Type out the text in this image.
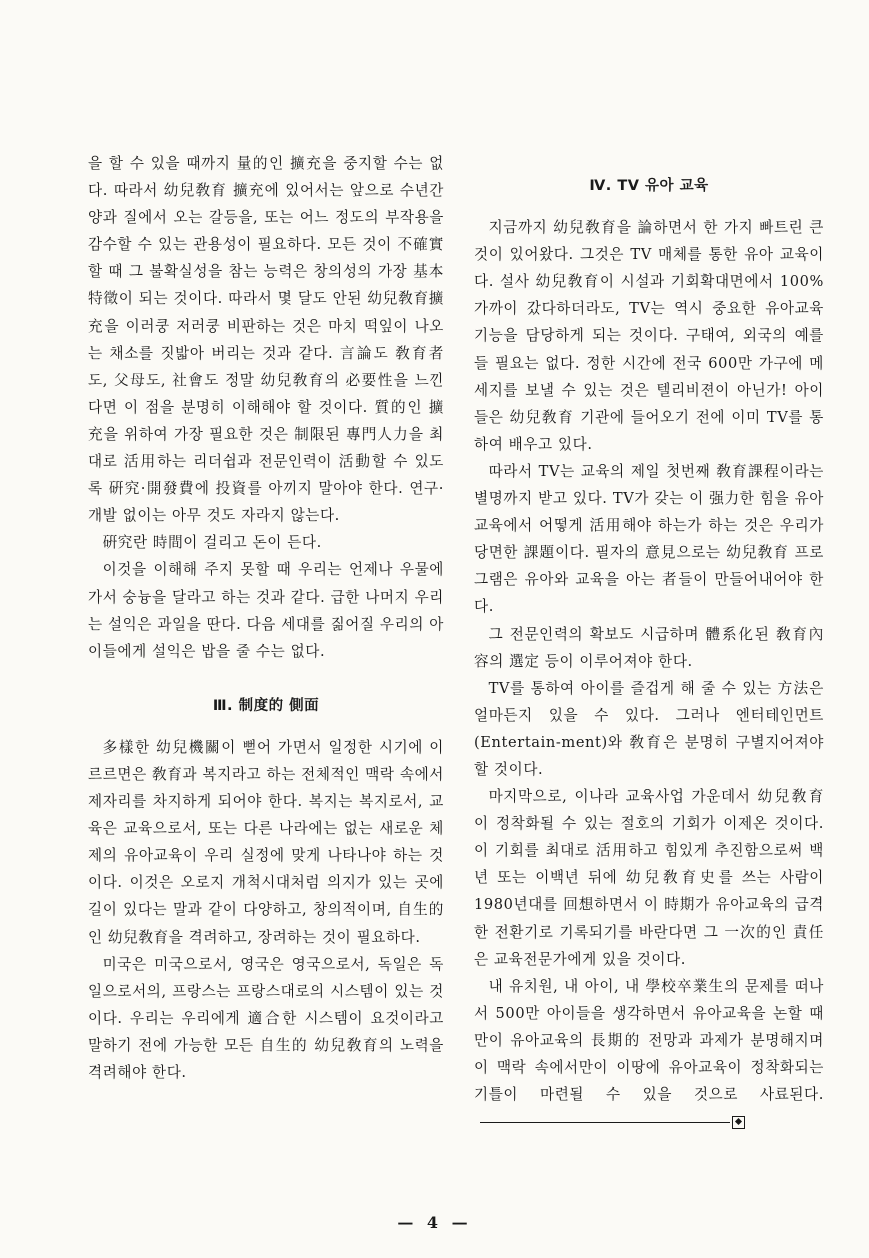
을 할 수 있을 때까지 量的인 擴充을 중지할 수는 없다. 따라서 幼兒敎育 擴充에 있어서는 앞으로 수년간 양과 질에서 오는 갈등을, 또는 어느 정도의 부작용을 감수할 수 있는 관용성이 필요하다. 모든 것이 不確實할 때 그 불확실성을 참는 능력은 창의성의 가장 基本 特徵이 되는 것이다. 따라서 몇 달도 안된 幼兒敎育擴充을 이러쿵 저러쿵 비판하는 것은 마치 떡잎이 나오는 채소를 짓밟아 버리는 것과 같다. 言論도 敎育者도, 父母도, 社會도 정말 幼兒敎育의 必要性을 느낀다면 이 점을 분명히 이해해야 할 것이다. 質的인 擴充을 위하여 가장 필요한 것은 制限된 專門人力을 최대로 活用하는 리더쉽과 전문인력이 活動할 수 있도록 硏究·開發費에 投資를 아끼지 말아야 한다. 연구·개발 없이는 아무 것도 자라지 않는다.

硏究란 時間이 걸리고 돈이 든다.

이것을 이해해 주지 못할 때 우리는 언제나 우물에 가서 숭늉을 달라고 하는 것과 같다. 급한 나머지 우리는 설익은 과일을 딴다. 다음 세대를 짊어질 우리의 아이들에게 설익은 밥을 줄 수는 없다.

Ⅲ. 制度的 側面

多樣한 幼兒機關이 뻗어 가면서 일정한 시기에 이르르면은 敎育과 복지라고 하는 전체적인 맥락 속에서 제자리를 차지하게 되어야 한다. 복지는 복지로서, 교육은 교육으로서, 또는 다른 나라에는 없는 새로운 체제의 유아교육이 우리 실정에 맞게 나타나야 하는 것이다. 이것은 오로지 개척시대처럼 의지가 있는 곳에 길이 있다는 말과 같이 다양하고, 창의적이며, 自生的인 幼兒敎育을 격려하고, 장려하는 것이 필요하다.

미국은 미국으로서, 영국은 영국으로서, 독일은 독일으로서의, 프랑스는 프랑스대로의 시스템이 있는 것이다. 우리는 우리에게 適合한 시스템이 요것이라고 말하기 전에 가능한 모든 自生的 幼兒敎育의 노력을 격려해야 한다.

Ⅳ. TV 유아 교육

지금까지 幼兒敎育을 論하면서 한 가지 빠트린 큰 것이 있어왔다. 그것은 TV 매체를 통한 유아 교육이다. 설사 幼兒敎育이 시설과 기회확대면에서 100% 가까이 갔다하더라도, TV는 역시 중요한 유아교육 기능을 담당하게 되는 것이다. 구태여, 외국의 예를 들 필요는 없다. 정한 시간에 전국 600만 가구에 메세지를 보낼 수 있는 것은 텔리비젼이 아닌가! 아이들은 幼兒敎育 기관에 들어오기 전에 이미 TV를 통하여 배우고 있다.

따라서 TV는 교육의 제일 첫번째 敎育課程이라는 별명까지 받고 있다. TV가 갖는 이 强力한 힘을 유아교육에서 어떻게 活用해야 하는가 하는 것은 우리가 당면한 課題이다. 필자의 意見으로는 幼兒敎育 프로그램은 유아와 교육을 아는 者들이 만들어내어야 한다.

그 전문인력의 확보도 시급하며 體系化된 敎育內容의 選定 등이 이루어져야 한다.

TV를 통하여 아이를 즐겁게 해 줄 수 있는 方法은 얼마든지 있을 수 있다. 그러나 엔터테인먼트(Entertain-ment)와 敎育은 분명히 구별지어져야 할 것이다.

마지막으로, 이나라 교육사업 가운데서 幼兒敎育이 정착화될 수 있는 절호의 기회가 이제온 것이다. 이 기회를 최대로 活用하고 힘있게 추진함으로써 백년 또는 이백년 뒤에 幼兒敎育史를 쓰는 사람이 1980년대를 回想하면서 이 時期가 유아교육의 급격한 전환기로 기록되기를 바란다면 그 一次的인 責任은 교육전문가에게 있을 것이다.

내 유치원, 내 아이, 내 學校卒業生의 문제를 떠나서 500만 아이들을 생각하면서 유아교육을 논할 때만이 유아교육의 長期的 전망과 과제가 분명해지며 이 맥락 속에서만이 이땅에 유아교육이 정착화되는 기틀이 마련될 수 있을 것으로 사료된다.

— 4 —
